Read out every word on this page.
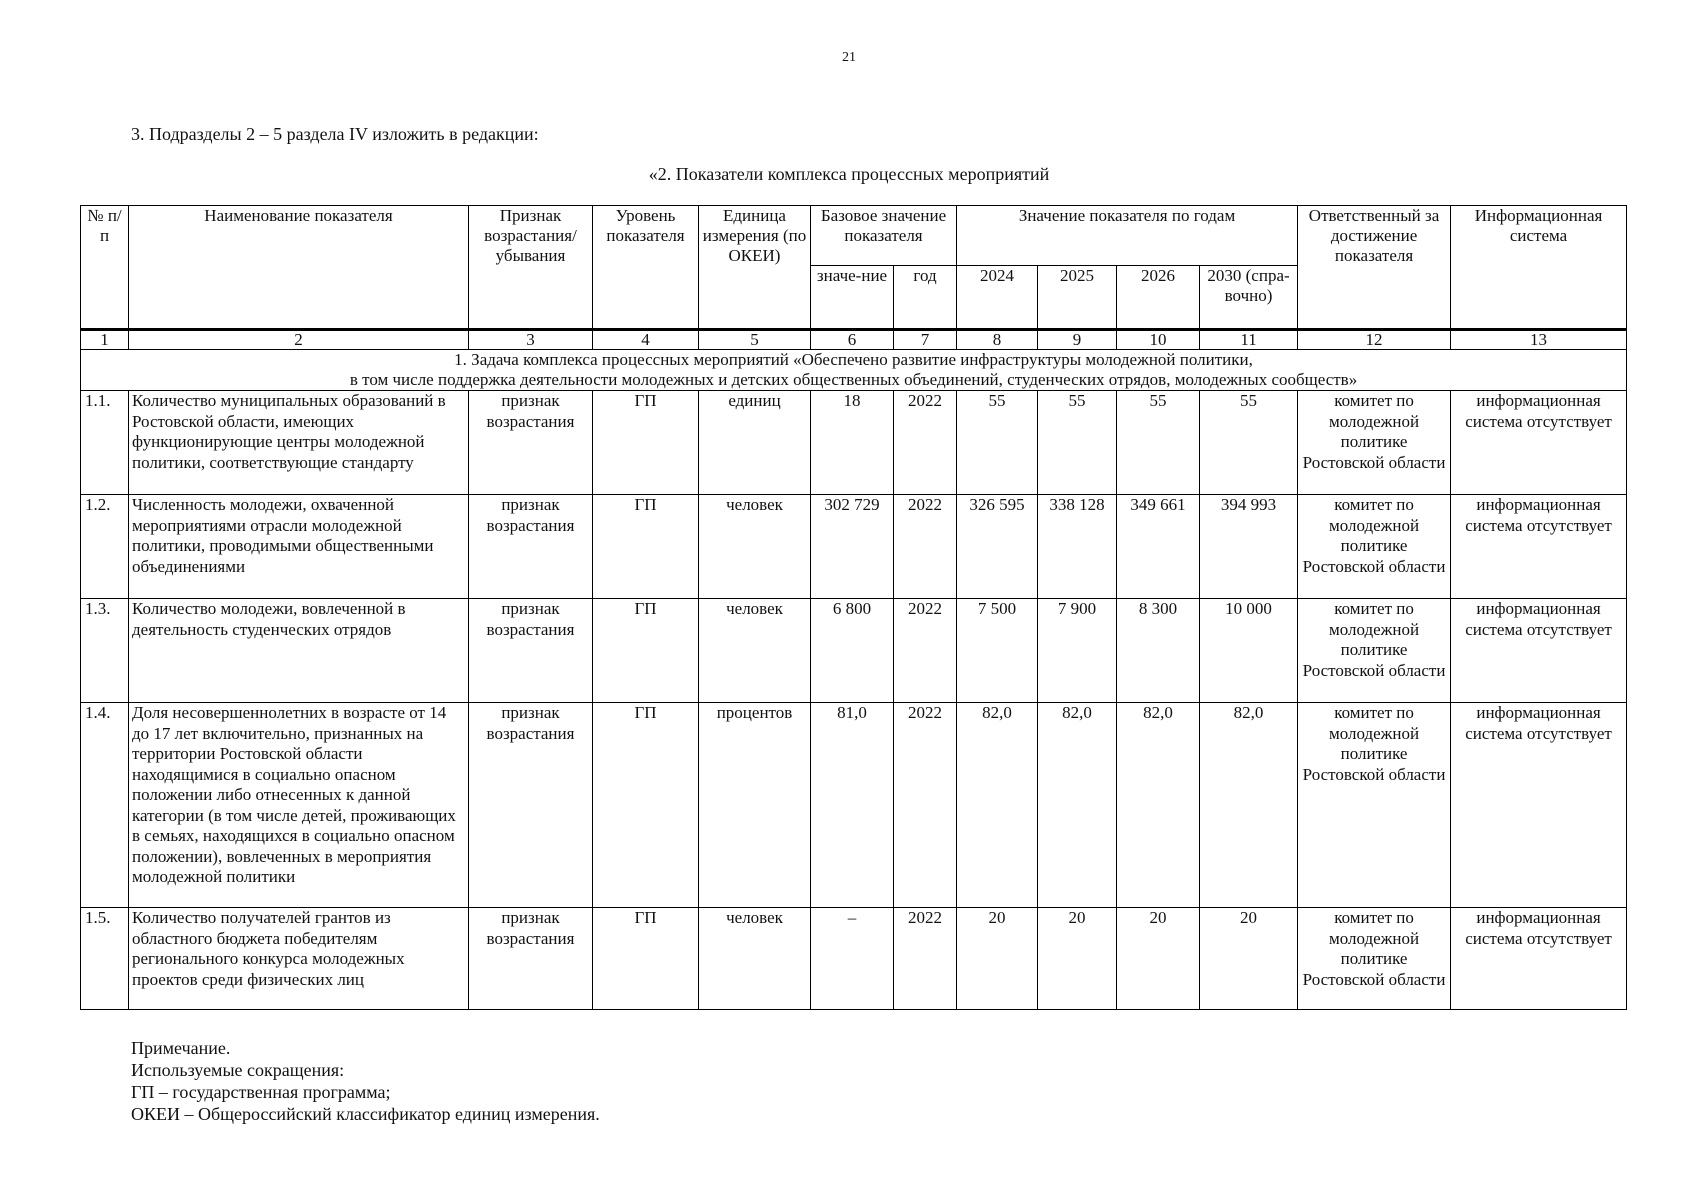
21
3. Подразделы 2 – 5 раздела IV изложить в редакции:
«2. Показатели комплекса процессных мероприятий
№ п/п	Наименование показателя	Признак возрастания/ убывания	Уровень показателя	Единица измерения (по ОКЕИ)	Базовое значение показателя		Значение показателя по годам				Ответственный за достижение показателя	Информационная система
					значе-ние	год	2024	2025	2026	2030 (спра-вочно)		
1	2	3	4	5	6	7	8	9	10	11	12	13

1. Задача комплекса процессных мероприятий «Обеспечено развитие инфраструктуры молодежной политики,
в том числе поддержка деятельности молодежных и детских общественных объединений, студенческих отрядов, молодежных сообществ»												

1.1.	Количество муниципальных образований в Ростовской области, имеющих функционирующие центры молодежной политики, соответствующие стандарту	признак возрастания	ГП	единиц	18	2022	55	55	55	55	комитет по молодежной политике Ростовской области	информационная система отсутствует
1.2.	Численность молодежи, охваченной мероприятиями отрасли молодежной политики, проводимыми общественными объединениями	признак возрастания	ГП	человек	302 729	2022	326 595	338 128	349 661	394 993	комитет по молодежной политике Ростовской области	информационная система отсутствует
1.3.	Количество молодежи, вовлеченной в деятельность студенческих отрядов	признак возрастания	ГП	человек	6 800	2022	7 500	7 900	8 300	10 000	комитет по молодежной политике Ростовской области	информационная система отсутствует
1.4.	Доля несовершеннолетних в возрасте от 14 до 17 лет включительно, признанных на территории Ростовской области находящимися в социально опасном положении либо отнесенных к данной категории (в том числе детей, проживающих в семьях, находящихся в социально опасном положении), вовлеченных в мероприятия молодежной политики	признак возрастания	ГП	процентов	81,0	2022	82,0	82,0	82,0	82,0	комитет по молодежной политике Ростовской области	информационная система отсутствует
1.5.	Количество получателей грантов из областного бюджета победителям регионального конкурса молодежных проектов среди физических лиц	признак возрастания	ГП	человек	–	2022	20	20	20	20	комитет по молодежной политике Ростовской области	информационная система отсутствует
Примечание.
Используемые сокращения:
ГП – государственная программа;
ОКЕИ – Общероссийский классификатор единиц измерения.
